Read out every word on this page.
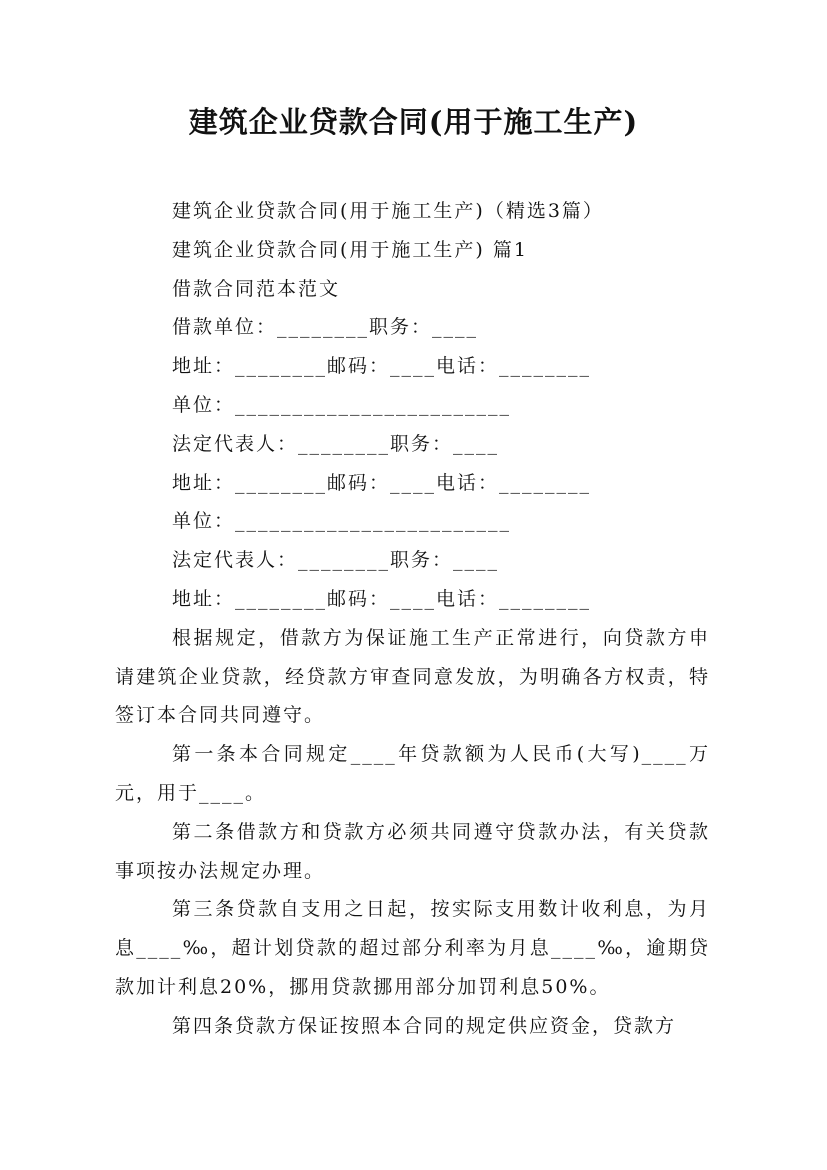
建筑企业贷款合同(用于施工生产)

建筑企业贷款合同(用于施工生产)（精选3篇）

建筑企业贷款合同(用于施工生产) 篇1

借款合同范本范文

借款单位：________职务：____

地址：________邮码：____电话：________

单位：________________________

法定代表人：________职务：____

地址：________邮码：____电话：________

单位：________________________

法定代表人：________职务：____

地址：________邮码：____电话：________

根据规定，借款方为保证施工生产正常进行，向贷款方申请建筑企业贷款，经贷款方审查同意发放，为明确各方权责，特签订本合同共同遵守。

第一条本合同规定____年贷款额为人民币(大写)____万元，用于____。

第二条借款方和贷款方必须共同遵守贷款办法，有关贷款事项按办法规定办理。

第三条贷款自支用之日起，按实际支用数计收利息，为月息____‰，超计划贷款的超过部分利率为月息____‰，逾期贷款加计利息20%，挪用贷款挪用部分加罚利息50%。

第四条贷款方保证按照本合同的规定供应资金，贷款方
